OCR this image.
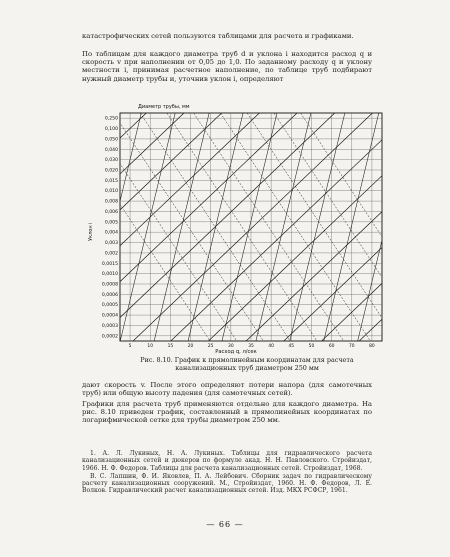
катастрофических сетей пользуются таблицами для расчета и графиками.

По таблицам для каждого диаметра труб d и уклона i находится расход q и скорость v при наполнении от 0,05 до 1,0. По заданному расходу q и уклону местности i, принимая расчетное наполнение, по таблице труб подбирают нужный диаметр трубы и, уточнив уклон i, определяют

0,250
0,100
0,050
0,040
0,030
0,020
0,015
0,010
0,008
0,006
0,005
0,004
0,003
0,002
0,0015
0,0010
0,0008
0,0006
0,0005
0,0004
0,0003
0,0002
5	10	15	20	25	30	35	40	45	50	60	70	80
Диаметр трубы, мм
Уклон i
Расход q, л/сек

Рис. 8.10. График к прямолинейным координатам для расчета канализационных труб диаметром 250 мм

дают скорость v. После этого определяют потери напора (для самотечных труб) или общую высоту падения (для самотечных сетей).

Графики для расчета труб применяются отдельно для каждого диаметра. На рис. 8.10 приведен график, составленный в прямолинейных координатах по логарифмической сетке для трубы диаметром 250 мм.

1. А. Л. Лукиных, Н. А. Лукиных. Таблицы для гидравлического расчета канализационных сетей и дюкеров по формуле акад. Н. Н. Павловского. Стройиздат, 1966. Н. Ф. Федоров. Таблицы для расчета канализационных сетей. Стройиздат, 1968.

В. С. Лапшин, Ф. И. Яковлев, П. А. Лейбович. Сборник задач по гидравлическому расчету канализационных сооружений. М., Стройиздат, 1960. Н. Ф. Федоров, Л. Е. Волков. Гидравлический расчет канализационных сетей. Изд. МКХ РСФСР, 1961.

— 66 —
